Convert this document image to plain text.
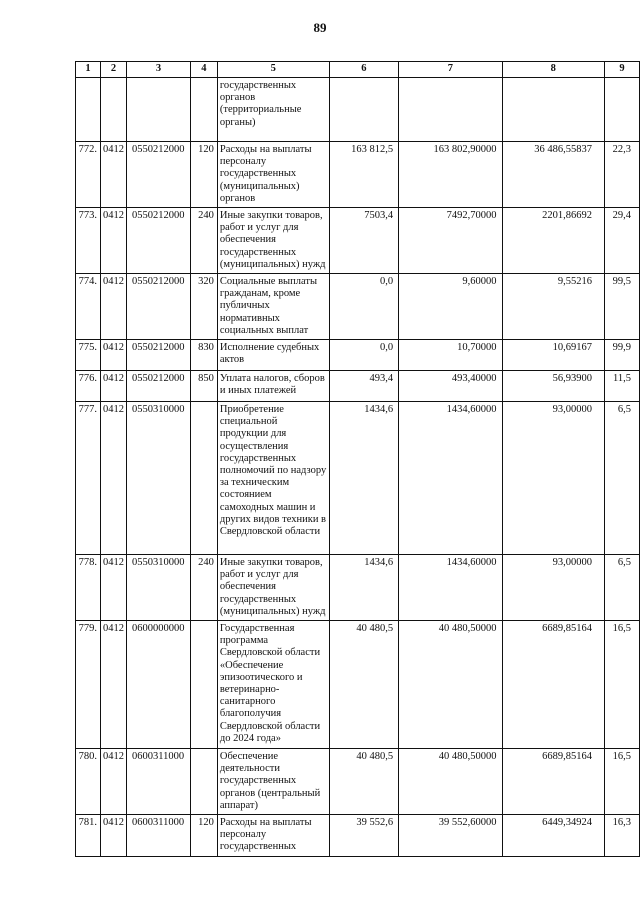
89
1	2	3	4	5	6	7	8	9
				государственных органов (территориальные органы)				
772.	0412	0550212000	120	Расходы на выплаты персоналу государственных (муниципальных) органов	163 812,5	163 802,90000	36 486,55837	22,3
773.	0412	0550212000	240	Иные закупки товаров, работ и услуг для обеспечения государственных (муниципальных) нужд	7503,4	7492,70000	2201,86692	29,4
774.	0412	0550212000	320	Социальные выплаты гражданам, кроме публичных нормативных социальных выплат	0,0	9,60000	9,55216	99,5
775.	0412	0550212000	830	Исполнение судебных актов	0,0	10,70000	10,69167	99,9
776.	0412	0550212000	850	Уплата налогов, сборов и иных платежей	493,4	493,40000	56,93900	11,5
777.	0412	0550310000		Приобретение специальной продукции для осуществления государственных полномочий по надзору за техническим состоянием самоходных машин и других видов техники в Свердловской области	1434,6	1434,60000	93,00000	6,5
778.	0412	0550310000	240	Иные закупки товаров, работ и услуг для обеспечения государственных (муниципальных) нужд	1434,6	1434,60000	93,00000	6,5
779.	0412	0600000000		Государственная программа Свердловской области «Обеспечение эпизоотического и ветеринарно-санитарного благополучия Свердловской области до 2024 года»	40 480,5	40 480,50000	6689,85164	16,5
780.	0412	0600311000		Обеспечение деятельности государственных органов (центральный аппарат)	40 480,5	40 480,50000	6689,85164	16,5
781.	0412	0600311000	120	Расходы на выплаты персоналу государственных	39 552,6	39 552,60000	6449,34924	16,3
